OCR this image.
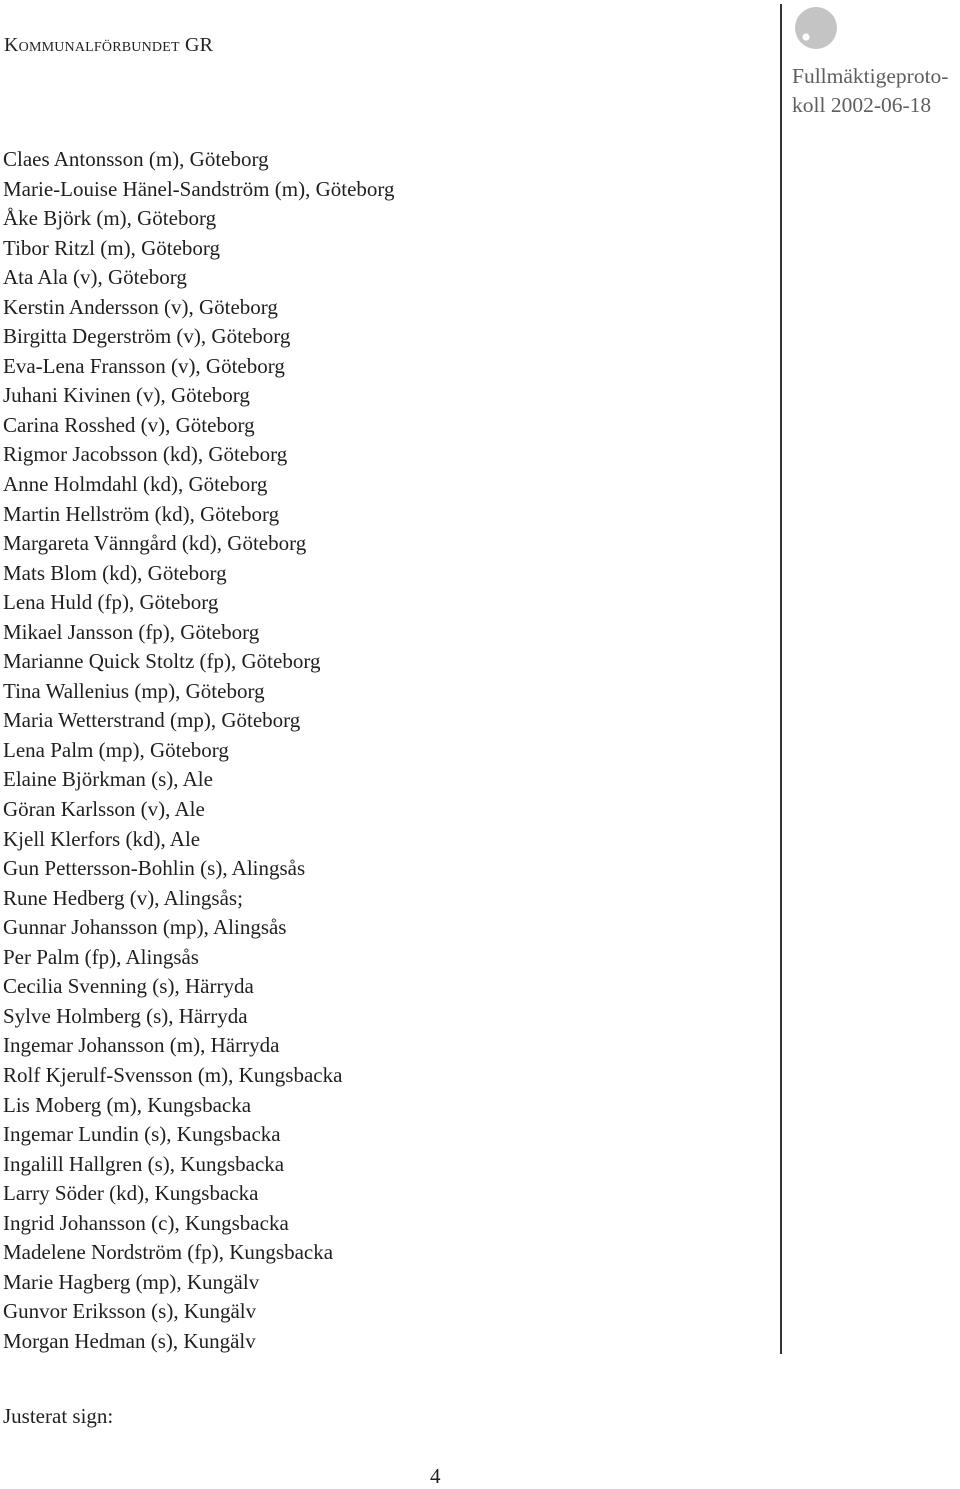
Kommunalförbundet GR
Fullmäktigeproto-
koll 2002-06-18
Claes Antonsson (m), Göteborg
Marie-Louise Hänel-Sandström (m), Göteborg
Åke Björk (m), Göteborg
Tibor Ritzl (m), Göteborg
Ata Ala (v), Göteborg
Kerstin Andersson (v), Göteborg
Birgitta Degerström (v), Göteborg
Eva-Lena Fransson (v), Göteborg
Juhani Kivinen (v), Göteborg
Carina Rosshed (v), Göteborg
Rigmor Jacobsson (kd), Göteborg
Anne Holmdahl (kd), Göteborg
Martin Hellström (kd), Göteborg
Margareta Vänngård (kd), Göteborg
Mats Blom (kd), Göteborg
Lena Huld (fp), Göteborg
Mikael Jansson (fp), Göteborg
Marianne Quick Stoltz (fp), Göteborg
Tina Wallenius (mp), Göteborg
Maria Wetterstrand (mp), Göteborg
Lena Palm (mp), Göteborg
Elaine Björkman (s), Ale
Göran Karlsson (v), Ale
Kjell Klerfors (kd), Ale
Gun Pettersson-Bohlin (s), Alingsås
Rune Hedberg (v), Alingsås;
Gunnar Johansson (mp), Alingsås
Per Palm (fp), Alingsås
Cecilia Svenning (s), Härryda
Sylve Holmberg (s), Härryda
Ingemar Johansson (m), Härryda
Rolf Kjerulf-Svensson (m), Kungsbacka
Lis Moberg (m), Kungsbacka
Ingemar Lundin (s), Kungsbacka
Ingalill Hallgren (s), Kungsbacka
Larry Söder (kd), Kungsbacka
Ingrid Johansson (c), Kungsbacka
Madelene Nordström (fp), Kungsbacka
Marie Hagberg (mp), Kungälv
Gunvor Eriksson (s), Kungälv
Morgan Hedman (s), Kungälv
Justerat sign:
4
